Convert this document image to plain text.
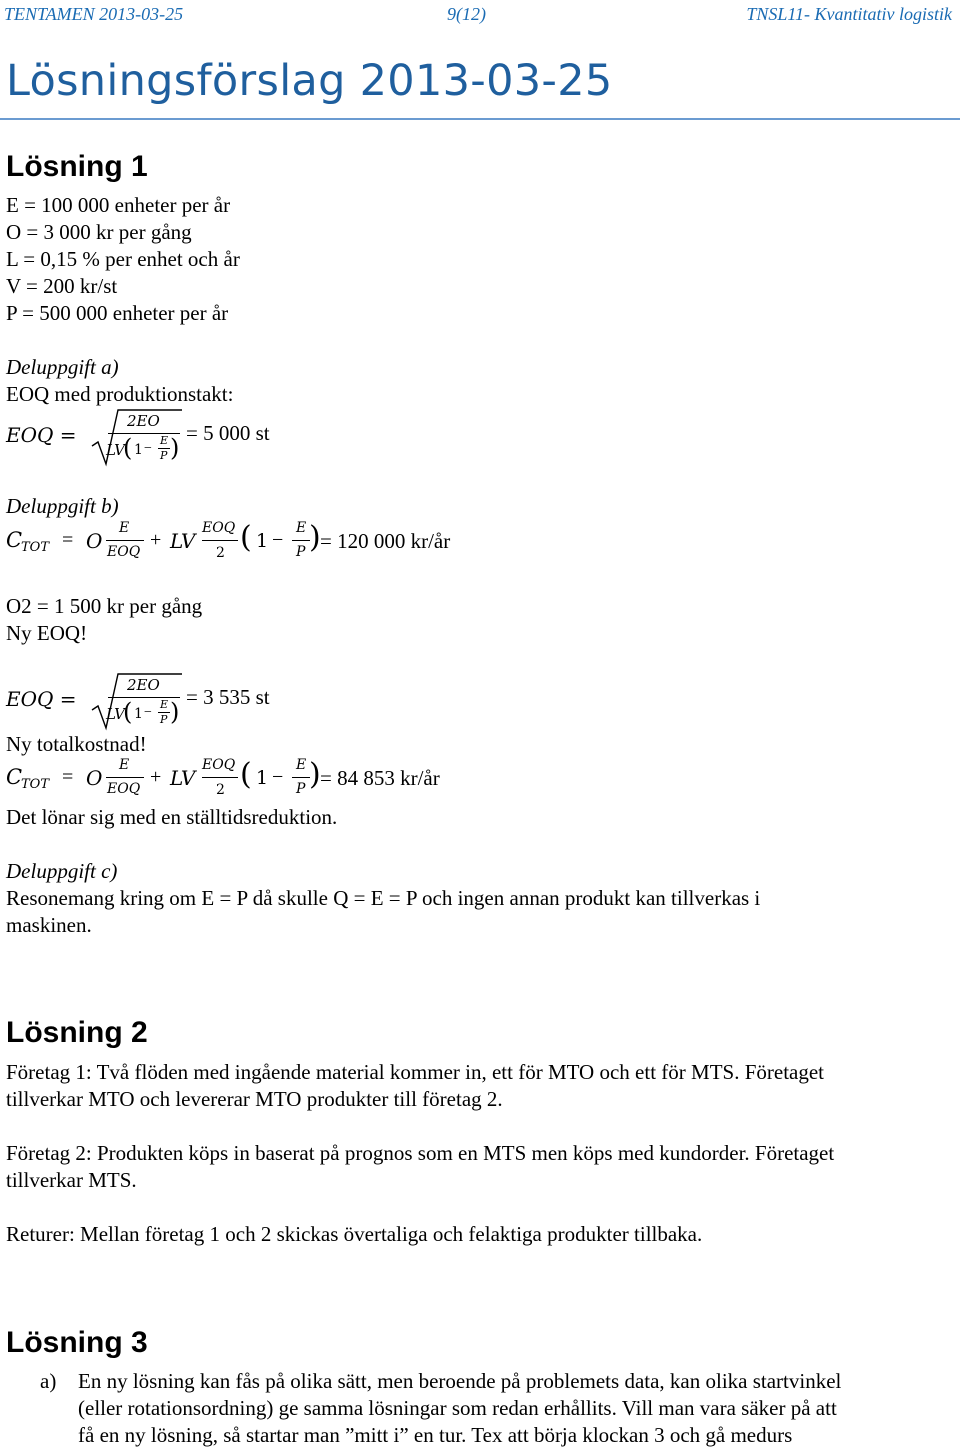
TENTAMEN 2013-03-25	9(12)	TNSL11- Kvantitativ logistik
Lösningsförslag 2013-03-25
Lösning 1
E = 100 000 enheter per år
O = 3 000 kr per gång
L = 0,15 % per enhet och år
V = 200 kr/st
P = 500 000 enheter per år
Deluppgift a)
EOQ med produktionstakt:
EOQ =
2EO
LV
( 1 −
E
P )
= 5 000 st
Deluppgift b)
C
TOT = O
E
EOQ
+ LV
EOQ
2 ( 1 −
E
P ) = 120 000 kr/år
O2 = 1 500 kr per gång
Ny EOQ!
EOQ =
2EO
LV
( 1 −
E
P )
= 3 535 st
Ny totalkostnad!
C
TOT = O
E
EOQ
+ LV
EOQ
2 ( 1 −
E
P ) = 84 853 kr/år
Det lönar sig med en ställtidsreduktion.
Deluppgift c)
Resonemang kring om E = P då skulle Q = E = P och ingen annan produkt kan tillverkas i
maskinen.
Lösning 2
Företag 1: Två flöden med ingående material kommer in, ett för MTO och ett för MTS. Företaget
tillverkar MTO och levererar MTO produkter till företag 2.
Företag 2: Produkten köps in baserat på prognos som en MTS men köps med kundorder. Företaget
tillverkar MTS.
Returer: Mellan företag 1 och 2 skickas övertaliga och felaktiga produkter tillbaka.
Lösning 3
a) En ny lösning kan fås på olika sätt, men beroende på problemets data, kan olika startvinkel
(eller rotationsordning) ge samma lösningar som redan erhållits. Vill man vara säker på att
få en ny lösning, så startar man ”mitt i” en tur. Tex att börja klockan 3 och gå medurs
